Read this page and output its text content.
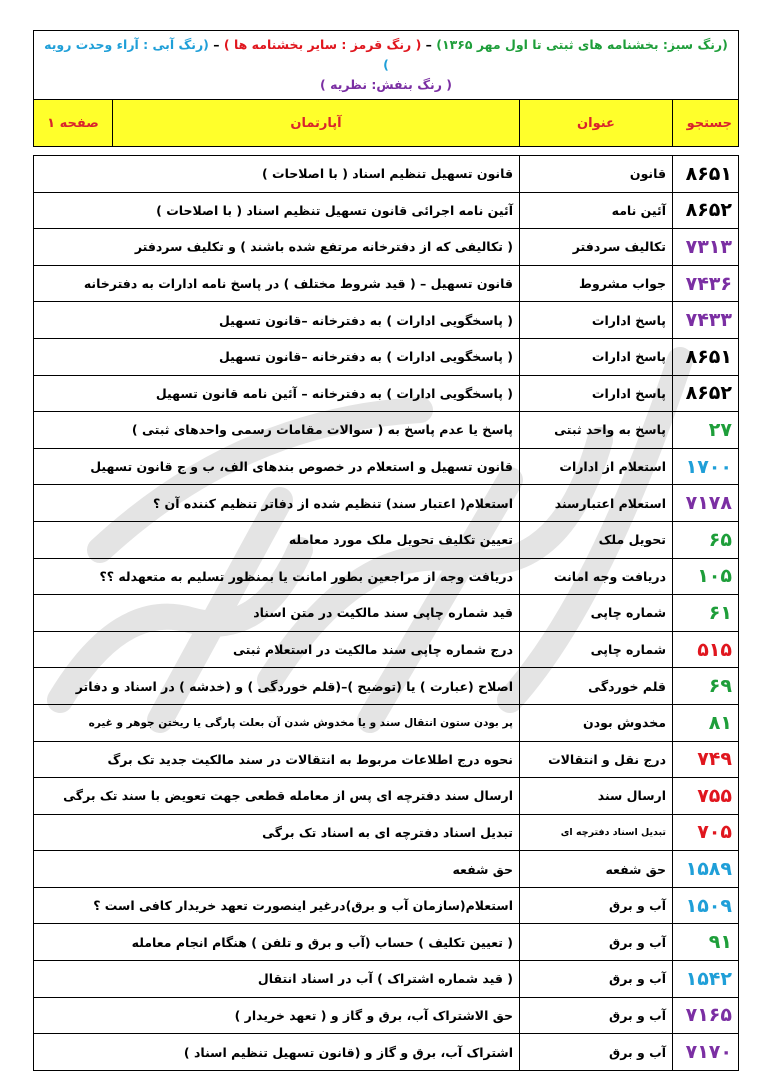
(رنگ سبز: بخشنامه های ثبتی تا اول مهر ۱۳۶۵) – ( رنگ قرمز : سایر بخشنامه ها ) – (رنگ آبی : آراء وحدت رویه )
( رنگ بنفش: نظریه )			
جستجو	عنوان	آپارتمان	صفحه ۱

۸۶۵۱	قانون	قانون تسهیل تنظیم اسناد ( با اصلاحات )	
۸۶۵۲	آئین نامه	آئین نامه اجرائی قانون تسهیل تنظیم اسناد ( با اصلاحات )	
۷۳۱۳	تکالیف سردفتر	( تکالیفی که از دفترخانه مرتفع شده باشند ) و تکلیف سردفتر	
۷۴۳۶	جواب مشروط	قانون تسهیل – ( قید شروط مختلف ) در پاسخ نامه ادارات به دفترخانه	
۷۴۳۳	پاسخ ادارات	( پاسخگویی ادارات ) به دفترخانه –قانون تسهیل	
۸۶۵۱	پاسخ ادارات	( پاسخگویی ادارات ) به دفترخانه –قانون تسهیل	
۸۶۵۲	پاسخ ادارات	( پاسخگویی ادارات ) به دفترخانه – آئین نامه قانون تسهیل	
۲۷	پاسخ به واحد ثبتی	پاسخ یا عدم پاسخ به ( سوالات مقامات رسمی واحدهای ثبتی )	
۱۷۰۰	استعلام از ادارات	قانون تسهیل و استعلام در خصوص بندهای الف، ب و ج قانون تسهیل	
۷۱۷۸	استعلام اعتبارسند	استعلام( اعتبار سند) تنظیم شده از دفاتر تنظیم کننده آن ؟	
۶۵	تحویل ملک	تعیین تکلیف تحویل ملک مورد معامله	
۱۰۵	دریافت وجه امانت	دریافت وجه از مراجعین بطور امانت یا بمنظور تسلیم به متعهدله ؟؟	
۶۱	شماره چاپی	قید شماره چاپی سند مالکیت در متن اسناد	
۵۱۵	شماره چاپی	درج شماره چاپی سند مالکیت در استعلام ثبتی	
۶۹	قلم خوردگی	اصلاح (عبارت ) یا (توضیح )–(قلم خوردگی ) و (خدشه ) در اسناد و دفاتر	
۸۱	مخدوش بودن	پر بودن ستون انتقال سند و یا مخدوش شدن آن بعلت پارگی یا ریختن جوهر و غیره	
۷۴۹	درج نقل و انتقالات	نحوه درج اطلاعات مربوط به انتقالات در سند مالکیت جدید تک برگ	
۷۵۵	ارسال سند	ارسال سند دفترچه ای پس از معامله قطعی جهت تعویض با سند تک برگی	
۷۰۵	تبدیل اسناد دفترچه ای	تبدیل اسناد دفترچه ای به اسناد تک برگی	
۱۵۸۹	حق شفعه	حق شفعه	
۱۵۰۹	آب و برق	استعلام(سازمان آب و برق)درغیر اینصورت تعهد خریدار کافی است ؟	
۹۱	آب و برق	( تعیین تکلیف ) حساب (آب و برق و تلفن ) هنگام انجام معامله	
۱۵۴۲	آب و برق	( قید شماره اشتراک ) آب در اسناد انتقال	
۷۱۶۵	آب و برق	حق الاشتراک آب، برق و گاز و ( تعهد خریدار )	
۷۱۷۰	آب و برق	اشتراک آب، برق و گاز و (قانون تسهیل تنظیم اسناد )	
